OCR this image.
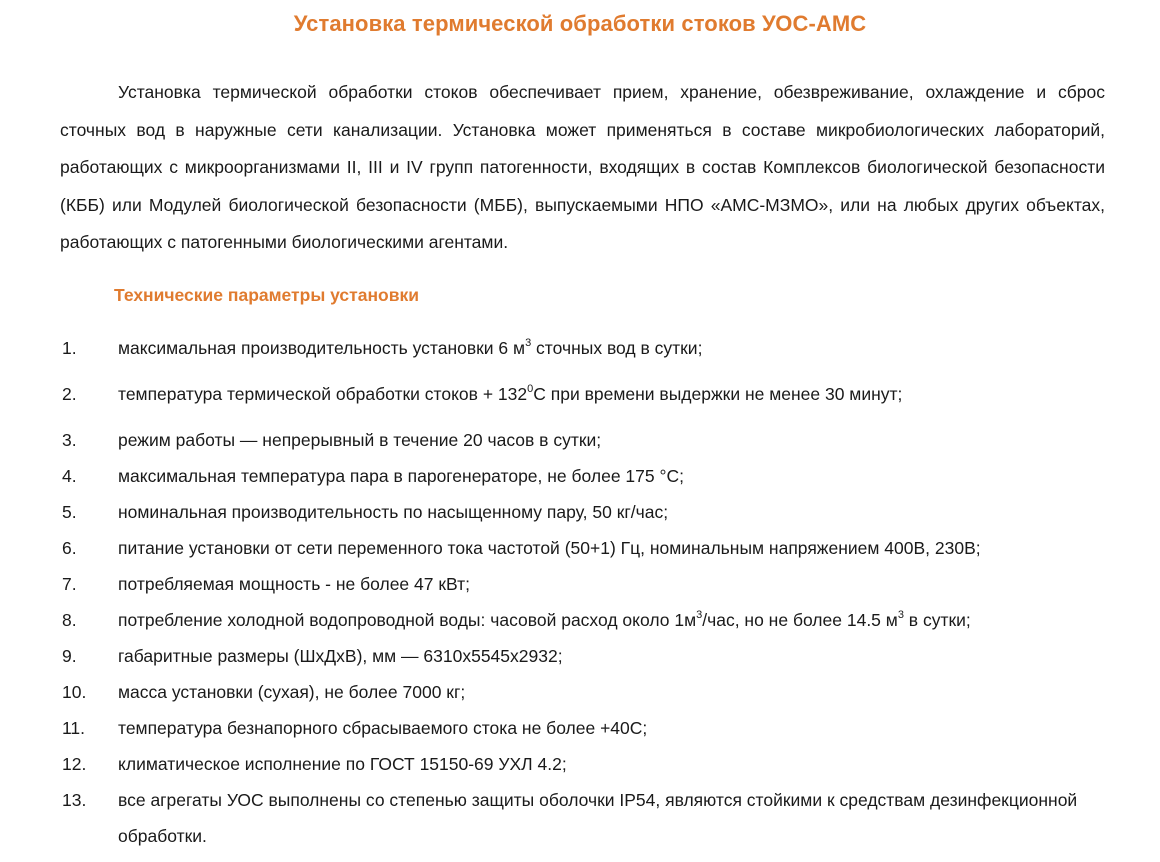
Установка термической обработки стоков УОС-АМС

Установка термической обработки стоков обеспечивает прием, хранение, обезвреживание, охлаждение и сброс сточных вод в наружные сети канализации. Установка может применяться в составе микробиологических лабораторий, работающих с микроорганизмами II, III и IV групп патогенности, входящих в состав Комплексов биологической безопасности (КББ) или Модулей биологической безопасности (МББ), выпускаемыми НПО «АМС-МЗМО», или на любых других объектах, работающих с патогенными биологическими агентами.

Технические параметры установки
1.	максимальная производительность установки 6 $м^3$ сточных вод в сутки;
2.	температура термической обработки стоков + $132^0С$ при времени выдержки не менее 30 минут;
3.	режим работы — непрерывный в течение 20 часов в сутки;
4.	максимальная температура пара в парогенераторе, не более 175 °С;
5.	номинальная производительность по насыщенному пару, 50 кг/час;
6.	питание установки от сети переменного тока частотой (50+1) Гц, номинальным напряжением 400В, 230В;
7.	потребляемая мощность - не более 47 кВт;
8.	потребление холодной водопроводной воды: часовой расход около $1м^3$/час, но не более 14.5 $м^3$ в сутки;
9.	габаритные размеры (ШхДхВ), мм — 6310х5545х2932;
10.	масса установки (сухая), не более 7000 кг;
11.	температура безнапорного сбрасываемого стока не более +40С;
12.	климатическое исполнение по ГОСТ 15150-69 УХЛ 4.2;
13.	все агрегаты УОС выполнены со степенью защиты оболочки IP54, являются стойкими к средствам дезинфекционной обработки.
